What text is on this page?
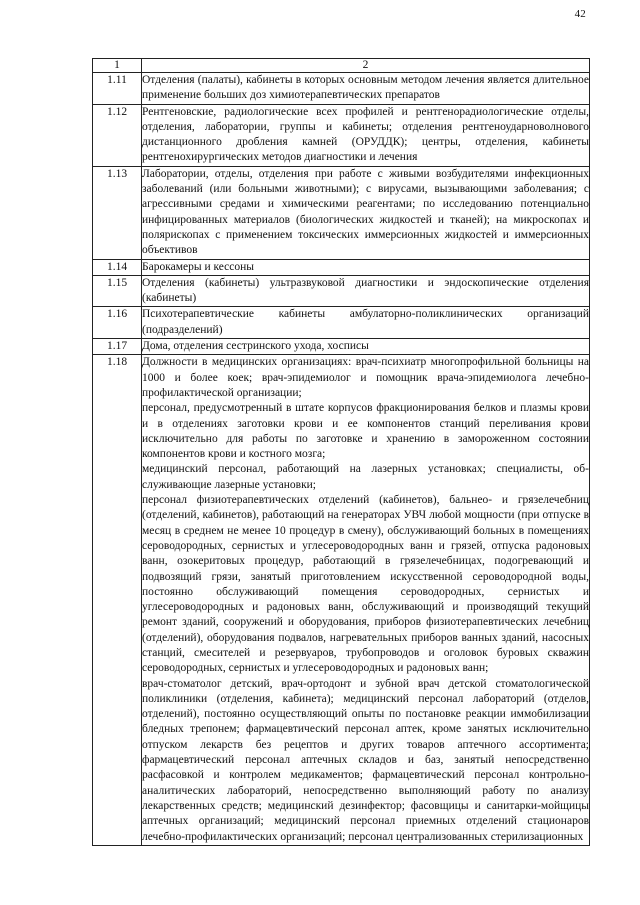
42
1	2
1.11	Отделения (палаты), кабинеты в которых основным методом лечения является длительное применение больших доз химиотерапевтических препаратов

1.12	Рентгеновские, радиологические всех профилей и рентгенорадиологические отделы, отделения, лаборатории, группы и кабинеты; отделения рентгеноударноволнового дистанционного дробления камней (ОРУДДК); центры, отделения, кабинеты рентгенохирургических методов диагностики и лечения

1.13	Лаборатории, отделы, отделения при работе с живыми возбудителями инфекционных заболеваний (или больными животными); с вирусами, вызывающими заболевания; с агрессивными средами и химическими реагентами; по исследованию потенциально инфицированных материалов (биологических жидкостей и тканей); на микроскопах и полярископах с применением токсических иммерсионных жидкостей и иммерсионных объективов

1.14	Барокамеры и кессоны

1.15	Отделения (кабинеты) ультразвуковой диагностики и эндоскопические отделения (кабинеты)

1.16	Психотерапевтические кабинеты амбулаторно-поликлинических организаций (подразделений)

1.17	Дома, отделения сестринского ухода, хосписы

1.18	Должности в медицинских организациях: врач-психиатр многопрофильной больницы на 1000 и более коек; врач-эпидемиолог и помощник врача-эпидемиолога лечебно-профилактической организации;
персонал, предусмотренный в штате корпусов фракционирования белков и плазмы крови и в отделениях заготовки крови и ее компонентов станций переливания крови исключительно для работы по заготовке и хранению в замороженном состоянии компонентов крови и костного мозга;
медицинский персонал, работающий на лазерных установках; специалисты, обслуживающие лазерные установки;
персонал физиотерапевтических отделений (кабинетов), бальнео- и грязелечебниц (отделений, кабинетов), работающий на генераторах УВЧ любой мощности (при отпуске в месяц в среднем не менее 10 процедур в смену), обслуживающий больных в помещениях сероводородных, сернистых и углесероводородных ванн и грязей, отпуска радоновых ванн, озокеритовых процедур, работающий в грязелечебницах, подогревающий и подвозящий грязи, занятый приготовлением искусственной сероводородной воды, постоянно обслуживающий помещения сероводородных, сернистых и углесероводородных и радоновых ванн, обслуживающий и производящий текущий ремонт зданий, сооружений и оборудования, приборов физиотерапевтических лечебниц (отделений), оборудования подвалов, нагревательных приборов ванных зданий, насосных станций, смесителей и резервуаров, трубопроводов и оголовок буровых скважин сероводородных, сернистых и углесероводородных и радоновых ванн;
врач-стоматолог детский, врач-ортодонт и зубной врач детской стоматологической поликлиники (отделения, кабинета); медицинский персонал лабораторий (отделов, отделений), постоянно осуществляющий опыты по постановке реакции иммобилизации бледных трепонем; фармацевтический персонал аптек, кроме занятых исключительно отпуском лекарств без рецептов и других товаров аптечного ассортимента; фармацевтический персонал аптечных складов и баз, занятый непосредственно расфасовкой и контролем медикаментов; фармацевтический персонал контрольно-аналитических лабораторий, непосредственно выполняющий работу по анализу лекарственных средств; медицинский дезинфектор; фасовщицы и санитарки-мойщицы аптечных организаций; медицинский персонал приемных отделений стационаров лечебно-профилактических организаций; персонал централизованных стерилизационных
